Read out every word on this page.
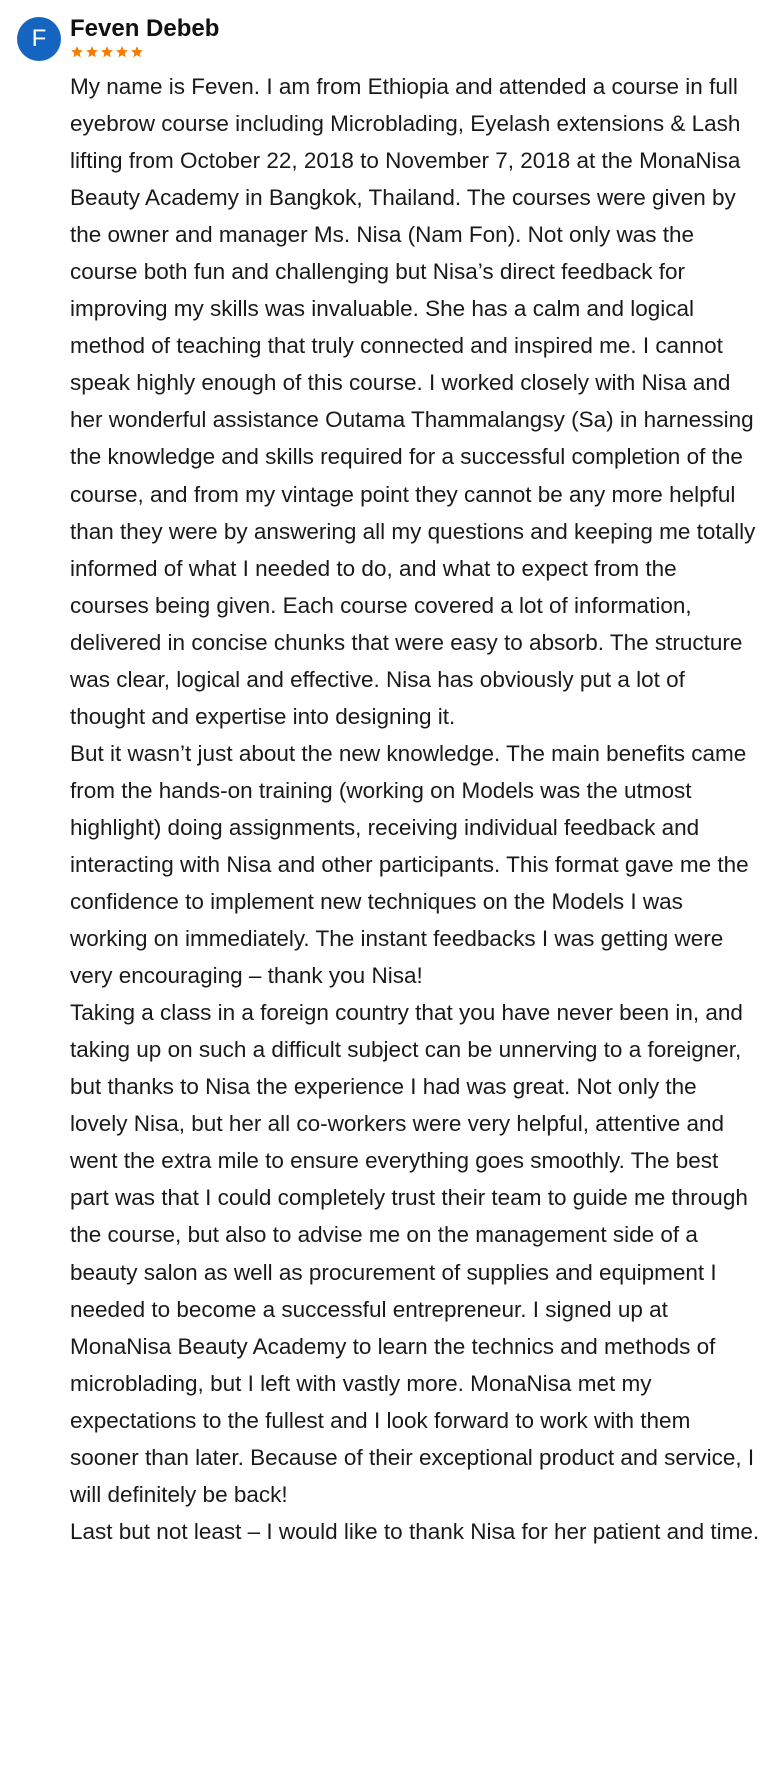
F Feven Debeb

My name is Feven. I am from Ethiopia and attended a course in full eyebrow course including Microblading, Eyelash extensions & Lash lifting from October 22, 2018 to November 7, 2018 at the MonaNisa Beauty Academy in Bangkok, Thailand. The courses were given by the owner and manager Ms. Nisa (Nam Fon). Not only was the course both fun and challenging but Nisa’s direct feedback for improving my skills was invaluable. She has a calm and logical method of teaching that truly connected and inspired me. I cannot speak highly enough of this course. I worked closely with Nisa and her wonderful assistance Outama Thammalangsy (Sa) in harnessing the knowledge and skills required for a successful completion of the course, and from my vintage point they cannot be any more helpful than they were by answering all my questions and keeping me totally informed of what I needed to do, and what to expect from the courses being given. Each course covered a lot of information, delivered in concise chunks that were easy to absorb. The structure was clear, logical and effective. Nisa has obviously put a lot of thought and expertise into designing it.

But it wasn’t just about the new knowledge. The main benefits came from the hands-on training (working on Models was the utmost highlight) doing assignments, receiving individual feedback and interacting with Nisa and other participants. This format gave me the confidence to implement new techniques on the Models I was working on immediately. The instant feedbacks I was getting were very encouraging – thank you Nisa!

Taking a class in a foreign country that you have never been in, and taking up on such a difficult subject can be unnerving to a foreigner, but thanks to Nisa the experience I had was great. Not only the lovely Nisa, but her all co-workers were very helpful, attentive and went the extra mile to ensure everything goes smoothly. The best part was that I could completely trust their team to guide me through the course, but also to advise me on the management side of a beauty salon as well as procurement of supplies and equipment I needed to become a successful entrepreneur. I signed up at MonaNisa Beauty Academy to learn the technics and methods of microblading, but I left with vastly more. MonaNisa met my expectations to the fullest and I look forward to work with them sooner than later. Because of their exceptional product and service, I will definitely be back!

Last but not least – I would like to thank Nisa for her patient and time.
